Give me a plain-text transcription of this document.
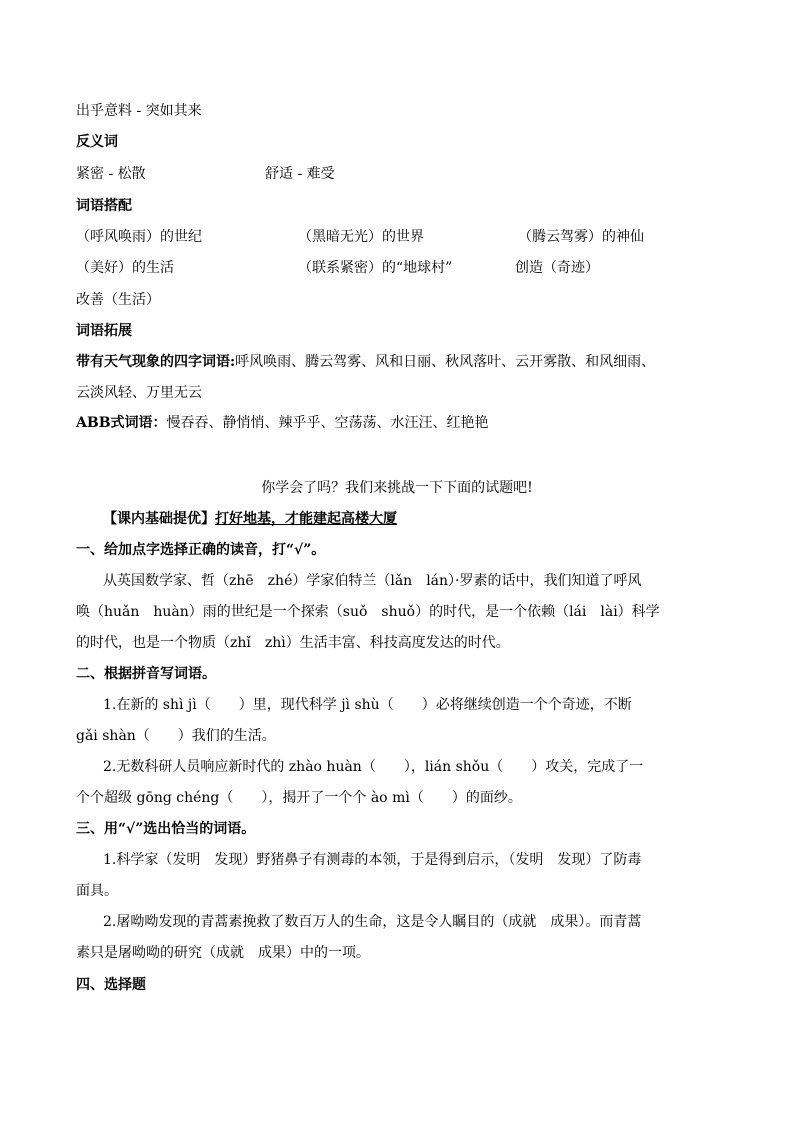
出乎意料 - 突如其来
反义词
紧密 - 松散	舒适 - 难受
词语搭配
（呼风唤雨）的世纪	（黑暗无光）的世界	（腾云驾雾）的神仙
（美好）的生活	（联系紧密）的“地球村”	创造（奇迹）
改善（生活）
词语拓展
带有天气现象的四字词语:呼风唤雨、腾云驾雾、风和日丽、秋风落叶、云开雾散、和风细雨、
云淡风轻、万里无云
ABB式词语：慢吞吞、静悄悄、辣乎乎、空荡荡、水汪汪、红艳艳
你学会了吗？我们来挑战一下下面的试题吧!
【课内基础提优】打好地基，才能建起高楼大厦
一、给加点字选择正确的读音，打“√”。
从英国数学家、哲（zhē　zhé）学家伯特兰（lǎn　lán）·罗素的话中，我们知道了呼风
唤（huǎn　huàn）雨的世纪是一个探索（suǒ　shuǒ）的时代，是一个依赖（lái　lài）科学
的时代，也是一个物质（zhǐ　zhì）生活丰富、科技高度发达的时代。
二、根据拼音写词语。
1.在新的 shì jì（　　）里，现代科学 jì shù（　　）必将继续创造一个个奇迹，不断
gǎi shàn（　　）我们的生活。
2.无数科研人员响应新时代的 zhào huàn（　　），lián shǒu（　　）攻关，完成了一
个个超级 gōng chéng（　　），揭开了一个个 ào mì（　　）的面纱。
三、用“√”选出恰当的词语。
1.科学家（发明　发现）野猪鼻子有测毒的本领，于是得到启示，（发明　发现）了防毒
面具。
2.屠呦呦发现的青蒿素挽救了数百万人的生命，这是令人瞩目的（成就　成果）。而青蒿
素只是屠呦呦的研究（成就　成果）中的一项。
四、选择题
